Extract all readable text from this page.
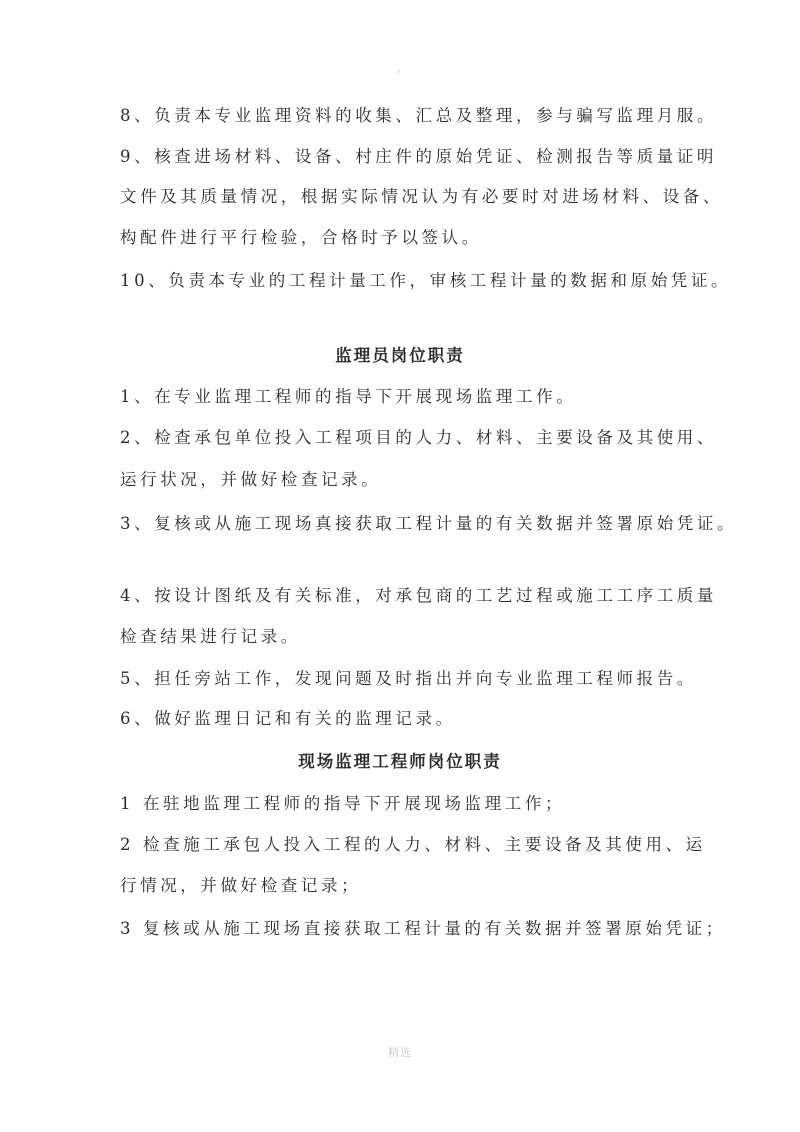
8、负责本专业监理资料的收集、汇总及整理，参与骗写监理月服。
9、核查进场材料、设备、村庄件的原始凭证、检测报告等质量证明
文件及其质量情况，根据实际情况认为有必要时对进场材料、设备、
构配件进行平行检验，合格时予以签认。
10、负责本专业的工程计量工作，审核工程计量的数据和原始凭证。
监理员岗位职责
1、在专业监理工程师的指导下开展现场监理工作。
2、检查承包单位投入工程项目的人力、材料、主要设备及其使用、
运行状况，并做好检查记录。
3、复核或从施工现场真接获取工程计量的有关数据并签署原始凭证。
4、按设计图纸及有关标准，对承包商的工艺过程或施工工序工质量
检查结果进行记录。
5、担任旁站工作，发现问题及时指出并向专业监理工程师报告。
6、做好监理日记和有关的监理记录。
现场监理工程师岗位职责
1 在驻地监理工程师的指导下开展现场监理工作；
2 检查施工承包人投入工程的人力、材料、主要设备及其使用、运
行情况，并做好检查记录；
3 复核或从施工现场直接获取工程计量的有关数据并签署原始凭证；
精选
